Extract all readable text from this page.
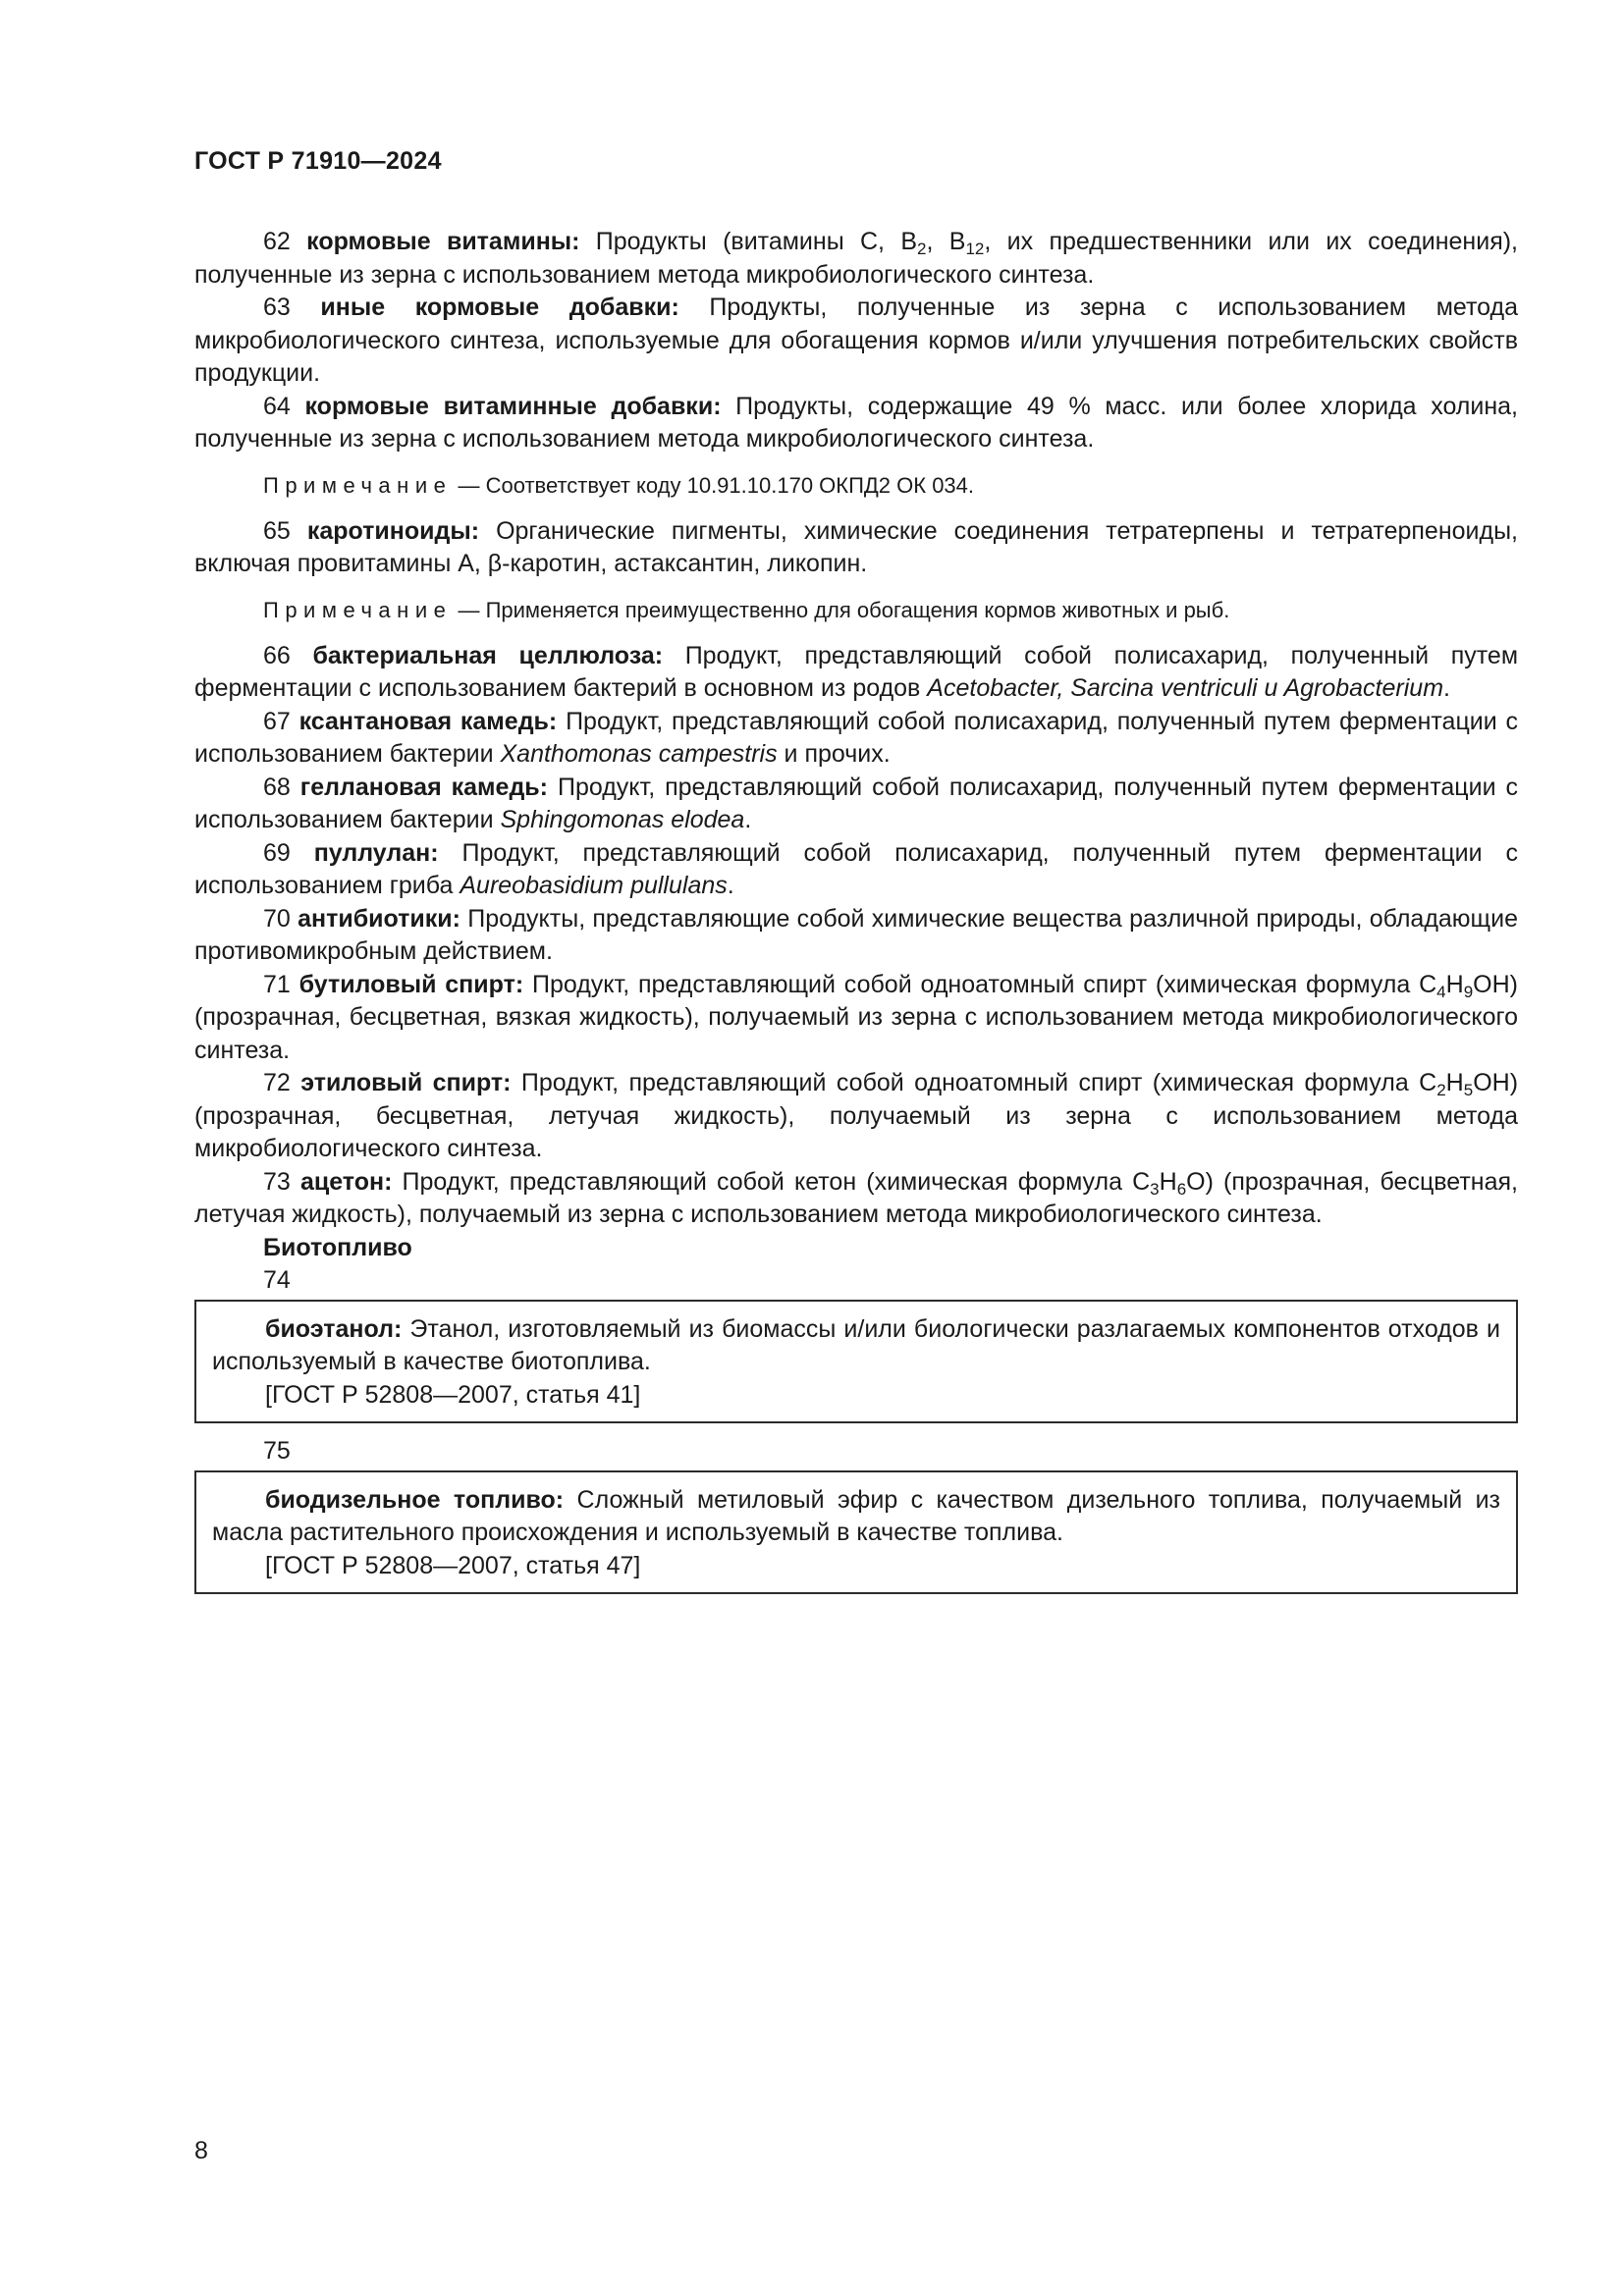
ГОСТ Р 71910—2024

62 кормовые витамины: Продукты (витамины С, $В_2$, $В_{12}$, их предшественники или их соединения), полученные из зерна с использованием метода микробиологического синтеза.

63 иные кормовые добавки: Продукты, полученные из зерна с использованием метода микробиологического синтеза, используемые для обогащения кормов и/или улучшения потребительских свойств продукции.

64 кормовые витаминные добавки: Продукты, содержащие 49 % масс. или более хлорида холина, полученные из зерна с использованием метода микробиологического синтеза.

Примечание — Соответствует коду 10.91.10.170 ОКПД2 ОК 034.

65 каротиноиды: Органические пигменты, химические соединения тетратерпены и тетратерпеноиды, включая провитамины А, β-каротин, астаксантин, ликопин.

Примечание — Применяется преимущественно для обогащения кормов животных и рыб.

66 бактериальная целлюлоза: Продукт, представляющий собой полисахарид, полученный путем ферментации с использованием бактерий в основном из родов Acetobacter, Sarcina ventriculi u Agrobacterium.

67 ксантановая камедь: Продукт, представляющий собой полисахарид, полученный путем ферментации с использованием бактерии Xanthomonas campestris и прочих.

68 геллановая камедь: Продукт, представляющий собой полисахарид, полученный путем ферментации с использованием бактерии Sphingomonas elodea.

69 пуллулан: Продукт, представляющий собой полисахарид, полученный путем ферментации с использованием гриба Aureobasidium pullulans.

70 антибиотики: Продукты, представляющие собой химические вещества различной природы, обладающие противомикробным действием.

71 бутиловый спирт: Продукт, представляющий собой одноатомный спирт (химическая формула $С_4Н_9ОН$) (прозрачная, бесцветная, вязкая жидкость), получаемый из зерна с использованием метода микробиологического синтеза.

72 этиловый спирт: Продукт, представляющий собой одноатомный спирт (химическая формула $С_2Н_5ОН$) (прозрачная, бесцветная, летучая жидкость), получаемый из зерна с использованием метода микробиологического синтеза.

73 ацетон: Продукт, представляющий собой кетон (химическая формула $С_3Н_6О$) (прозрачная, бесцветная, летучая жидкость), получаемый из зерна с использованием метода микробиологического синтеза.

Биотопливо
74

биоэтанол: Этанол, изготовляемый из биомассы и/или биологически разлагаемых компонентов отходов и используемый в качестве биотоплива.

[ГОСТ Р 52808—2007, статья 41]
75

биодизельное топливо: Сложный метиловый эфир с качеством дизельного топлива, получаемый из масла растительного происхождения и используемый в качестве топлива.

[ГОСТ Р 52808—2007, статья 47]
8
